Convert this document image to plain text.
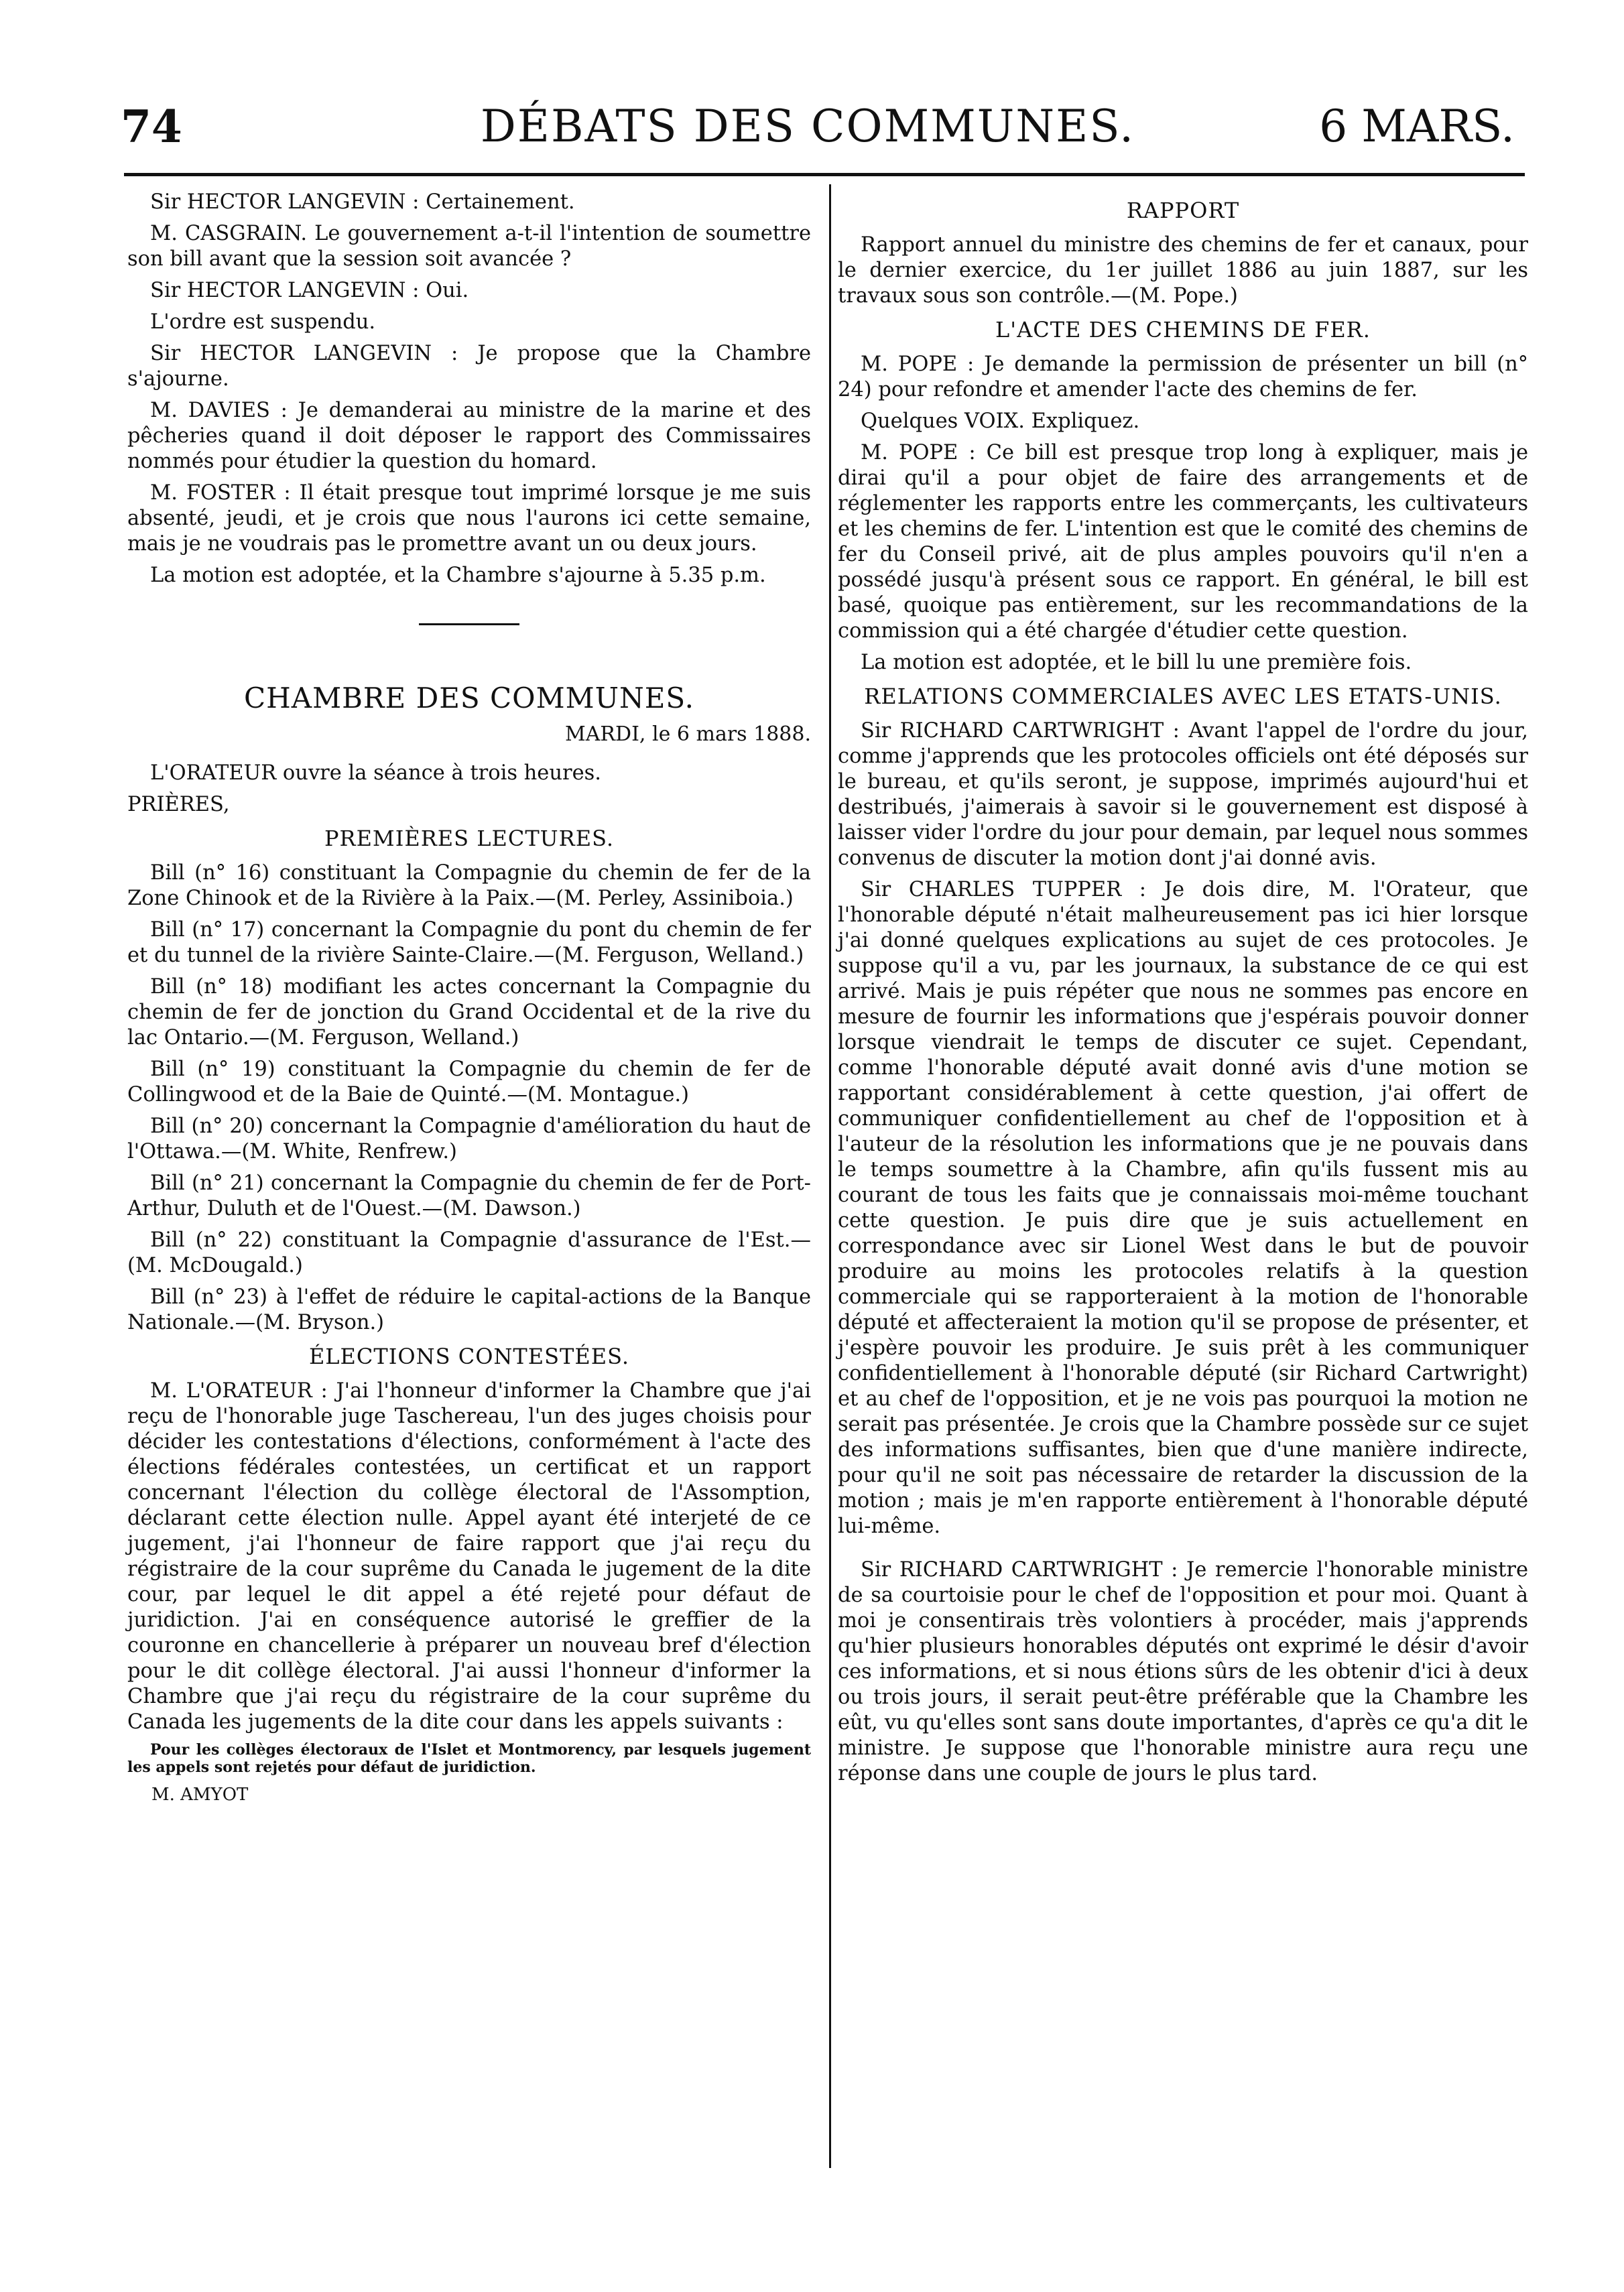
74	DÉBATS DES COMMUNES.	6 MARS.

Sir HECTOR LANGEVIN : Certainement.

M. CASGRAIN. Le gouvernement a-t-il l'intention de soumettre son bill avant que la session soit avancée ?

Sir HECTOR LANGEVIN : Oui.

L'ordre est suspendu.

Sir HECTOR LANGEVIN : Je propose que la Chambre s'ajourne.

M. DAVIES : Je demanderai au ministre de la marine et des pêcheries quand il doit déposer le rapport des Commissaires nommés pour étudier la question du homard.

M. FOSTER : Il était presque tout imprimé lorsque je me suis absenté, jeudi, et je crois que nous l'aurons ici cette semaine, mais je ne voudrais pas le promettre avant un ou deux jours.

La motion est adoptée, et la Chambre s'ajourne à 5.35 p.m.

CHAMBRE DES COMMUNES.
MARDI, le 6 mars 1888.

L'ORATEUR ouvre la séance à trois heures.

PRIÈRES,

PREMIÈRES LECTURES.

Bill (n° 16) constituant la Compagnie du chemin de fer de la Zone Chinook et de la Rivière à la Paix.—(M. Perley, Assiniboia.)

Bill (n° 17) concernant la Compagnie du pont du chemin de fer et du tunnel de la rivière Sainte-Claire.—(M. Ferguson, Welland.)

Bill (n° 18) modifiant les actes concernant la Compagnie du chemin de fer de jonction du Grand Occidental et de la rive du lac Ontario.—(M. Ferguson, Welland.)

Bill (n° 19) constituant la Compagnie du chemin de fer de Collingwood et de la Baie de Quinté.—(M. Montague.)

Bill (n° 20) concernant la Compagnie d'amélioration du haut de l'Ottawa.—(M. White, Renfrew.)

Bill (n° 21) concernant la Compagnie du chemin de fer de Port-Arthur, Duluth et de l'Ouest.—(M. Dawson.)

Bill (n° 22) constituant la Compagnie d'assurance de l'Est.—(M. McDougald.)

Bill (n° 23) à l'effet de réduire le capital-actions de la Banque Nationale.—(M. Bryson.)

ÉLECTIONS CONTESTÉES.

M. L'ORATEUR : J'ai l'honneur d'informer la Chambre que j'ai reçu de l'honorable juge Taschereau, l'un des juges choisis pour décider les contestations d'élections, conformément à l'acte des élections fédérales contestées, un certificat et un rapport concernant l'élection du collège électoral de l'Assomption, déclarant cette élection nulle. Appel ayant été interjeté de ce jugement, j'ai l'honneur de faire rapport que j'ai reçu du régistraire de la cour suprême du Canada le jugement de la dite cour, par lequel le dit appel a été rejeté pour défaut de juridiction. J'ai en conséquence autorisé le greffier de la couronne en chancellerie à préparer un nouveau bref d'élection pour le dit collège électoral. J'ai aussi l'honneur d'informer la Chambre que j'ai reçu du régistraire de la cour suprême du Canada les jugements de la dite cour dans les appels suivants :

Pour les collèges électoraux de l'Islet et Montmorency, par lesquels jugement les appels sont rejetés pour défaut de juridiction.

M. AMYOT
RAPPORT

Rapport annuel du ministre des chemins de fer et canaux, pour le dernier exercice, du 1er juillet 1886 au juin 1887, sur les travaux sous son contrôle.—(M. Pope.)

L'ACTE DES CHEMINS DE FER.

M. POPE : Je demande la permission de présenter un bill (n° 24) pour refondre et amender l'acte des chemins de fer.

Quelques VOIX. Expliquez.

M. POPE : Ce bill est presque trop long à expliquer, mais je dirai qu'il a pour objet de faire des arrangements et de réglementer les rapports entre les commerçants, les cultivateurs et les chemins de fer. L'intention est que le comité des chemins de fer du Conseil privé, ait de plus amples pouvoirs qu'il n'en a possédé jusqu'à présent sous ce rapport. En général, le bill est basé, quoique pas entièrement, sur les recommandations de la commission qui a été chargée d'étudier cette question.

La motion est adoptée, et le bill lu une première fois.

RELATIONS COMMERCIALES AVEC LES ETATS-UNIS.

Sir RICHARD CARTWRIGHT : Avant l'appel de l'ordre du jour, comme j'apprends que les protocoles officiels ont été déposés sur le bureau, et qu'ils seront, je suppose, imprimés aujourd'hui et destribués, j'aimerais à savoir si le gouvernement est disposé à laisser vider l'ordre du jour pour demain, par lequel nous sommes convenus de discuter la motion dont j'ai donné avis.

Sir CHARLES TUPPER : Je dois dire, M. l'Orateur, que l'honorable député n'était malheureusement pas ici hier lorsque j'ai donné quelques explications au sujet de ces protocoles. Je suppose qu'il a vu, par les journaux, la substance de ce qui est arrivé. Mais je puis répéter que nous ne sommes pas encore en mesure de fournir les informations que j'espérais pouvoir donner lorsque viendrait le temps de discuter ce sujet. Cependant, comme l'honorable député avait donné avis d'une motion se rapportant considérablement à cette question, j'ai offert de communiquer confidentiellement au chef de l'opposition et à l'auteur de la résolution les informations que je ne pouvais dans le temps soumettre à la Chambre, afin qu'ils fussent mis au courant de tous les faits que je connaissais moi-même touchant cette question. Je puis dire que je suis actuellement en correspondance avec sir Lionel West dans le but de pouvoir produire au moins les protocoles relatifs à la question commerciale qui se rapporteraient à la motion de l'honorable député et affecteraient la motion qu'il se propose de présenter, et j'espère pouvoir les produire. Je suis prêt à les communiquer confidentiellement à l'honorable député (sir Richard Cartwright) et au chef de l'opposition, et je ne vois pas pourquoi la motion ne serait pas présentée. Je crois que la Chambre possède sur ce sujet des informations suffisantes, bien que d'une manière indirecte, pour qu'il ne soit pas nécessaire de retarder la discussion de la motion ; mais je m'en rapporte entièrement à l'honorable député lui-même.

Sir RICHARD CARTWRIGHT : Je remercie l'honorable ministre de sa courtoisie pour le chef de l'opposition et pour moi. Quant à moi je consentirais très volontiers à procéder, mais j'apprends qu'hier plusieurs honorables députés ont exprimé le désir d'avoir ces informations, et si nous étions sûrs de les obtenir d'ici à deux ou trois jours, il serait peut-être préférable que la Chambre les eût, vu qu'elles sont sans doute importantes, d'après ce qu'a dit le ministre. Je suppose que l'honorable ministre aura reçu une réponse dans une couple de jours le plus tard.
